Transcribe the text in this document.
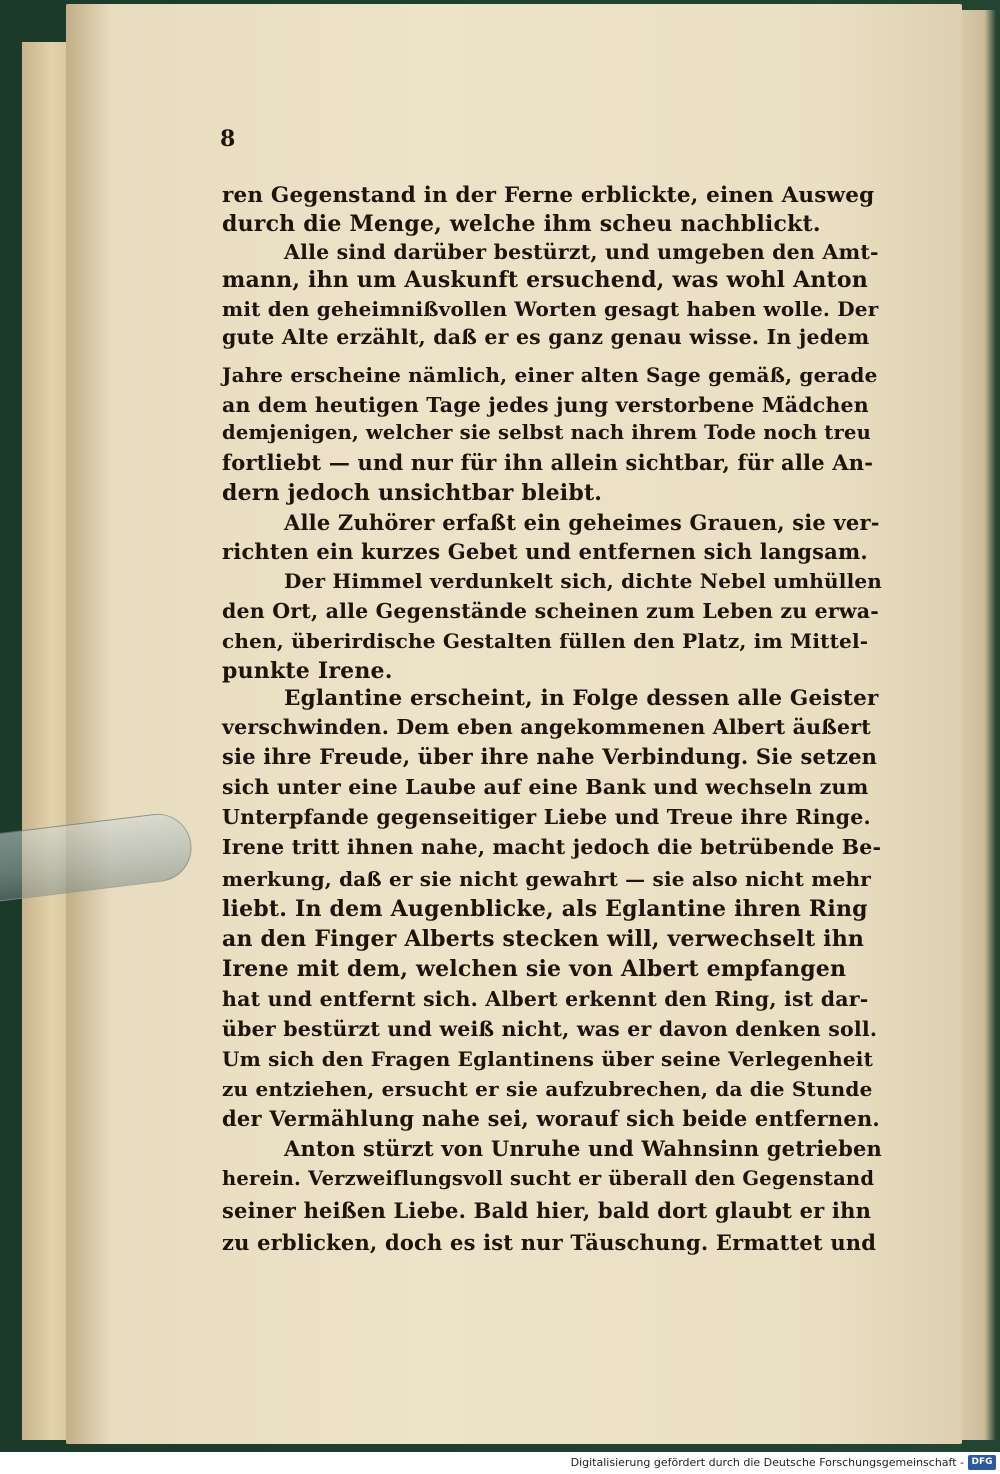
8
ren Gegenstand in der Ferne erblickte, einen Ausweg
durch die Menge, welche ihm scheu nachblickt.
Alle sind darüber bestürzt, und umgeben den Amt-
mann, ihn um Auskunft ersuchend, was wohl Anton
mit den geheimnißvollen Worten gesagt haben wolle. Der
gute Alte erzählt, daß er es ganz genau wisse. In jedem
Jahre erscheine nämlich, einer alten Sage gemäß, gerade
an dem heutigen Tage jedes jung verstorbene Mädchen
demjenigen, welcher sie selbst nach ihrem Tode noch treu
fortliebt — und nur für ihn allein sichtbar, für alle An-
dern jedoch unsichtbar bleibt.
Alle Zuhörer erfaßt ein geheimes Grauen, sie ver-
richten ein kurzes Gebet und entfernen sich langsam.
Der Himmel verdunkelt sich, dichte Nebel umhüllen
den Ort, alle Gegenstände scheinen zum Leben zu erwa-
chen, überirdische Gestalten füllen den Platz, im Mittel-
punkte Irene.
Eglantine erscheint, in Folge dessen alle Geister
verschwinden. Dem eben angekommenen Albert äußert
sie ihre Freude, über ihre nahe Verbindung. Sie setzen
sich unter eine Laube auf eine Bank und wechseln zum
Unterpfande gegenseitiger Liebe und Treue ihre Ringe.
Irene tritt ihnen nahe, macht jedoch die betrübende Be-
merkung, daß er sie nicht gewahrt — sie also nicht mehr
liebt. In dem Augenblicke, als Eglantine ihren Ring
an den Finger Alberts stecken will, verwechselt ihn
Irene mit dem, welchen sie von Albert empfangen
hat und entfernt sich. Albert erkennt den Ring, ist dar-
über bestürzt und weiß nicht, was er davon denken soll.
Um sich den Fragen Eglantinens über seine Verlegenheit
zu entziehen, ersucht er sie aufzubrechen, da die Stunde
der Vermählung nahe sei, worauf sich beide entfernen.
Anton stürzt von Unruhe und Wahnsinn getrieben
herein. Verzweiflungsvoll sucht er überall den Gegenstand
seiner heißen Liebe. Bald hier, bald dort glaubt er ihn
zu erblicken, doch es ist nur Täuschung. Ermattet und
Digitalisierung gefördert durch die Deutsche Forschungsgemeinschaft - DFG
